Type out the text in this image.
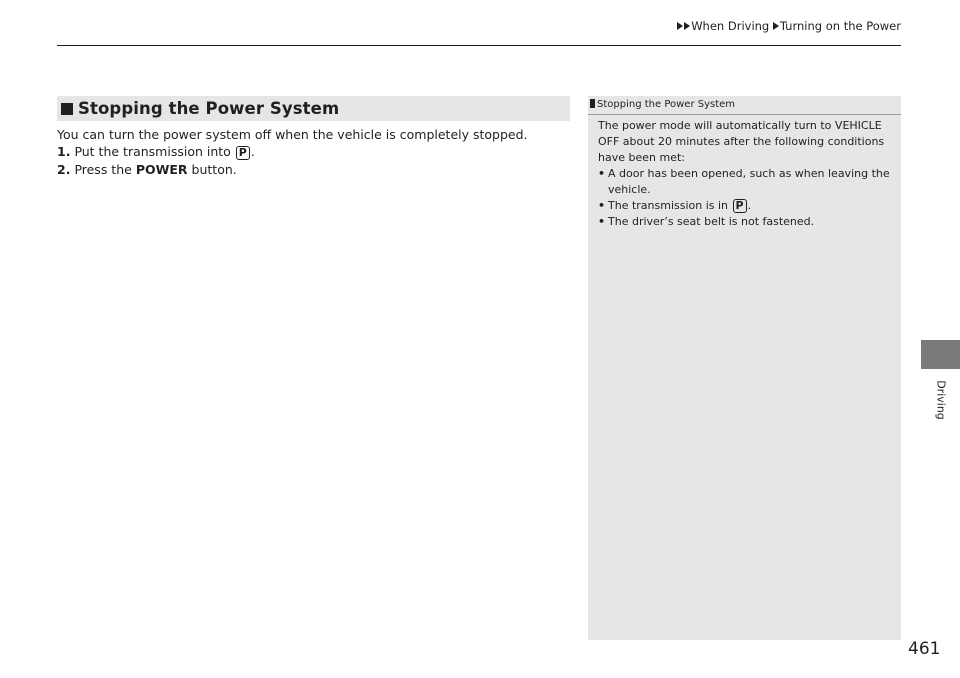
When Driving Turning on the Power
Stopping the Power System

You can turn the power system off when the vehicle is completely stopped.

1. Put the transmission into P .

2. Press the POWER button.

Stopping the Power System

The power mode will automatically turn to VEHICLE OFF about 20 minutes after the following conditions have been met:

• A door has been opened, such as when leaving the vehicle.
• The transmission is in P .
• The driver’s seat belt is not fastened.
Driving
461
